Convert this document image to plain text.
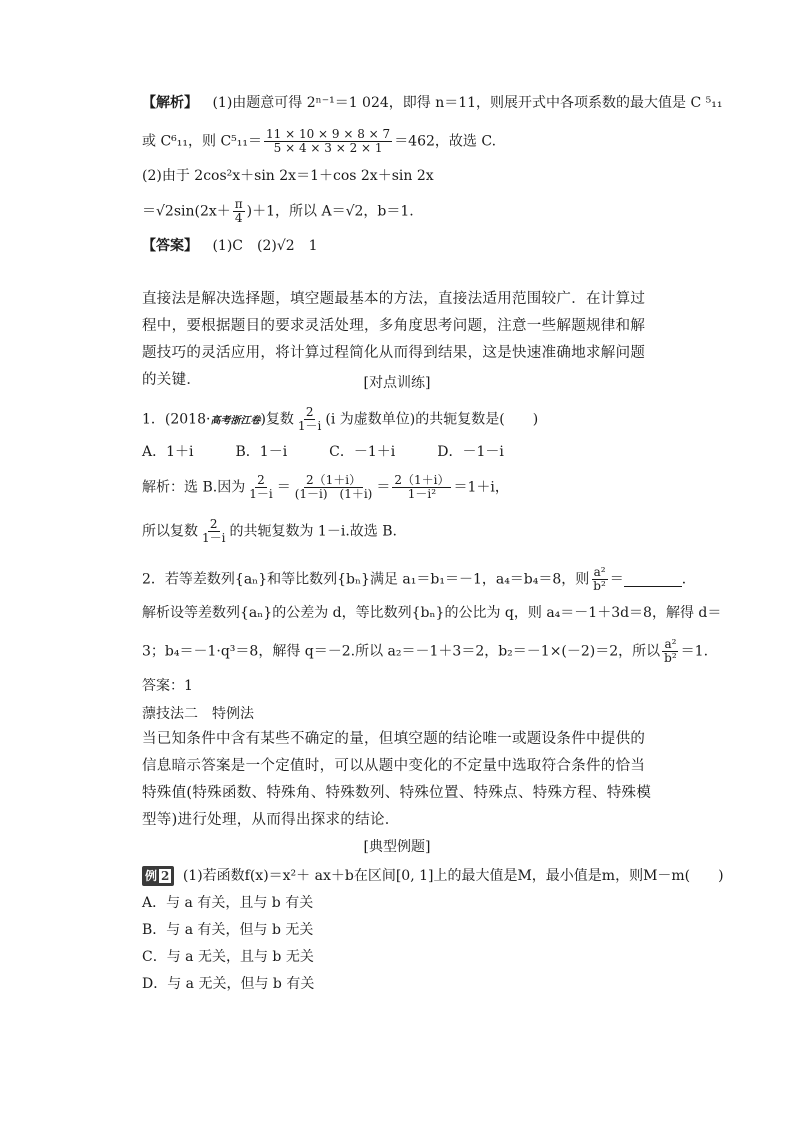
【解析】 (1)由题意可得 2ⁿ⁻¹＝1 024，即得 n＝11，则展开式中各项系数的最大值是 C ⁵₁₁
或 C⁶₁₁，则 $C^5_{11}= \frac{11 \times 10 \times 9 \times 8 \times 7}{5 \times 4 \times 3 \times 2 \times 1} =462$，故选 C.
(2)由于 2cos²x＋sin 2x＝1＋cos 2x＋sin 2x
$=√2\sin(2x+ \frac{\pi}{4} )+1$，所以 A＝√2，b＝1.
【答案】 (1)C　(2)√2　1
直接法是解决选择题，填空题最基本的方法，直接法适用范围较广．在计算过程中，要根据题目的要求灵活处理，多角度思考问题，注意一些解题规律和解题技巧的灵活应用，将计算过程简化从而得到结果，这是快速准确地求解问题的关键．	[对点训练]
1．(2018·高考浙江卷)复数 $\frac{2}{1-i} (i$ 为虚数单位)的共轭复数是(　　)
A．1＋i　　　B．1－i　　　C．－1＋i　　　D．－1－i
解析：选 B.因为 $\frac{2}{1-i} = \frac{2(1+i)}{(1-i) (1+i)} = \frac{2(1+i)}{\text{1－i²}} =1+i$，
所以复数 $\frac{2}{1-i}$ 的共轭复数为 1－i.故选 B.
2．若等差数列{aₙ}和等比数列{bₙ}满足 a₁＝b₁＝－1，a₄＝b₄＝8，则 $\frac{\text{a²}}{\text{b²}}$ ＝	．
解析设等差数列{aₙ}的公差为 d，等比数列{bₙ}的公比为 q，则 a₄＝－1＋3d＝8，解得 d＝
3；b₄＝－1·q³＝8，解得 q＝－2.所以 a₂＝－1＋3＝2，b₂＝－1×(－2)＝2，所以 $\frac{\text{a²}}{\text{b²}} =1$.
答案：1
薸技法二　特例法
当已知条件中含有某些不确定的量，但填空题的结论唯一或题设条件中提供的信息暗示答案是一个定值时，可以从题中变化的不定量中选取符合条件的恰当特殊值(特殊函数、特殊角、特殊数列、特殊位置、特殊点、特殊方程、特殊模型等)进行处理，从而得出探求的结论．
[典型例题]
例 2 (1)若函数f(x)＝x²＋ ax＋b在区间[0, 1]上的最大值是M，最小值是m，则M－m(　　)
A．与 a 有关，且与 b 有关
B．与 a 有关，但与 b 无关
C．与 a 无关，且与 b 无关
D．与 a 无关，但与 b 有关
